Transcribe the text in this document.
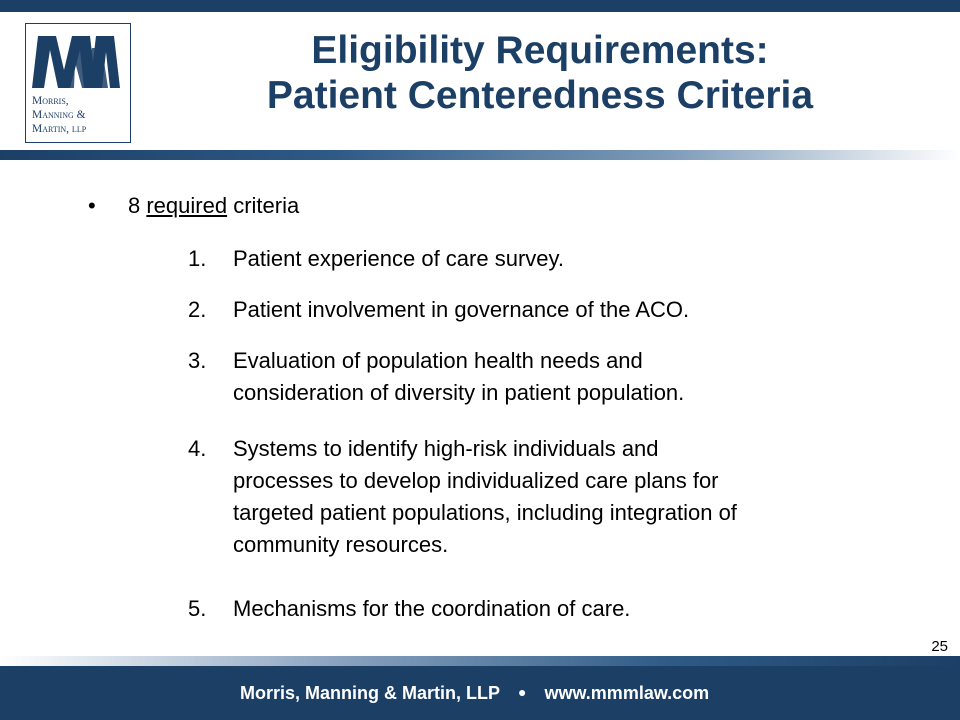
Morris,
Manning &
Martin, llp
Eligibility Requirements:
Patient Centeredness Criteria
• 8 required criteria
1. Patient experience of care survey.
2. Patient involvement in governance of the ACO.
3. Evaluation of population health needs and
consideration of diversity in patient population.
4. Systems to identify high-risk individuals and
processes to develop individualized care plans for
targeted patient populations, including integration of
community resources.
5. Mechanisms for the coordination of care.
25
Morris, Manning & Martin, LLP ● www.mmmlaw.com
